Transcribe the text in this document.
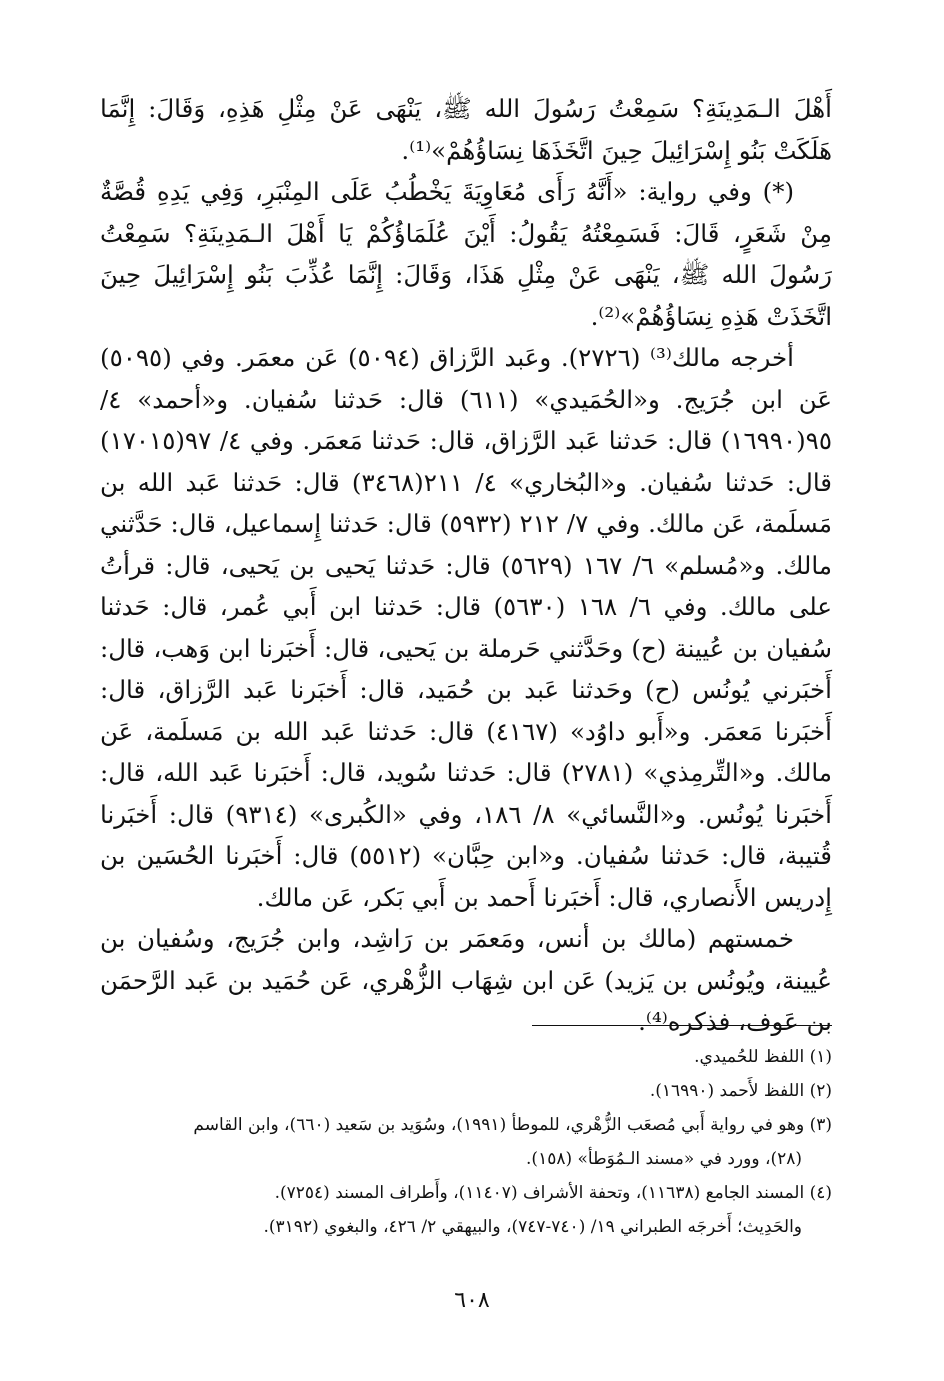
أَهْلَ الـمَدِينَةِ؟ سَمِعْتُ رَسُولَ الله ﷺ، يَنْهَى عَنْ مِثْلِ هَذِهِ، وَقَالَ: إِنَّمَا هَلَكَتْ بَنُو إِسْرَائِيلَ حِينَ اتَّخَذَهَا نِسَاؤُهُمْ»⁽¹⁾.

(*) وفي رواية: «أَنَّهُ رَأَى مُعَاوِيَةَ يَخْطُبُ عَلَى المِنْبَرِ، وَفِي يَدِهِ قُصَّةٌ مِنْ شَعَرٍ، قَالَ: فَسَمِعْتُهُ يَقُولُ: أَيْنَ عُلَمَاؤُكُمْ يَا أَهْلَ الـمَدِينَةِ؟ سَمِعْتُ رَسُولَ الله ﷺ، يَنْهَى عَنْ مِثْلِ هَذَا، وَقَالَ: إِنَّمَا عُذِّبَ بَنُو إِسْرَائِيلَ حِينَ اتَّخَذَتْ هَذِهِ نِسَاؤُهُمْ»⁽²⁾.

أخرجه مالك⁽³⁾ (٢٧٢٦). وعَبد الرَّزاق (٥٠٩٤) عَن معمَر. وفي (٥٠٩٥) عَن ابن جُرَيج. و«الحُمَيدي» (٦١١) قال: حَدثنا سُفيان. و«أحمد» ٤/ ٩٥(١٦٩٩٠) قال: حَدثنا عَبد الرَّزاق، قال: حَدثنا مَعمَر. وفي ٤/ ٩٧(١٧٠١٥) قال: حَدثنا سُفيان. و«البُخاري» ٤/ ٢١١(٣٤٦٨) قال: حَدثنا عَبد الله بن مَسلَمة، عَن مالك. وفي ٧/ ٢١٢ (٥٩٣٢) قال: حَدثنا إِسماعيل، قال: حَدَّثني مالك. و«مُسلم» ٦/ ١٦٧ (٥٦٢٩) قال: حَدثنا يَحيى بن يَحيى، قال: قرأتُ على مالك. وفي ٦/ ١٦٨ (٥٦٣٠) قال: حَدثنا ابن أَبي عُمر، قال: حَدثنا سُفيان بن عُيينة (ح) وحَدَّثني حَرملة بن يَحيى، قال: أَخبَرنا ابن وَهب، قال: أَخبَرني يُونُس (ح) وحَدثنا عَبد بن حُمَيد، قال: أَخبَرنا عَبد الرَّزاق، قال: أَخبَرنا مَعمَر. و«أَبو داوُد» (٤١٦٧) قال: حَدثنا عَبد الله بن مَسلَمة، عَن مالك. و«التِّرمِذي» (٢٧٨١) قال: حَدثنا سُويد، قال: أَخبَرنا عَبد الله، قال: أَخبَرنا يُونُس. و«النَّسائي» ٨/ ١٨٦، وفي «الكُبرى» (٩٣١٤) قال: أَخبَرنا قُتيبة، قال: حَدثنا سُفيان. و«ابن حِبَّان» (٥٥١٢) قال: أَخبَرنا الحُسَين بن إِدريس الأَنصاري، قال: أَخبَرنا أَحمد بن أَبي بَكر، عَن مالك.

خمستهم (مالك بن أنس، ومَعمَر بن رَاشِد، وابن جُرَيج، وسُفيان بن عُيينة، ويُونُس بن يَزيد) عَن ابن شِهَاب الزُّهْري، عَن حُمَيد بن عَبد الرَّحمَن بن عَوف، فذكره⁽⁴⁾.

(١) اللفظ للحُميدي.

(٢) اللفظ لأَحمد (١٦٩٩٠).

(٣) وهو في رواية أَبي مُصعَب الزُّهْري، للموطأ (١٩٩١)، وسُوَيد بن سَعيد (٦٦٠)، وابن القاسم

(٢٨)، وورد في «مسند الـمُوَطأ» (١٥٨).

(٤) المسند الجامع (١١٦٣٨)، وتحفة الأشراف (١١٤٠٧)، وأَطراف المسند (٧٢٥٤).

والحَدِيث؛ أَخرجَه الطبراني ١٩/ (٧٤٠-٧٤٧)، والبيهقي ٢/ ٤٢٦، والبغوي (٣١٩٢).

٦٠٨
